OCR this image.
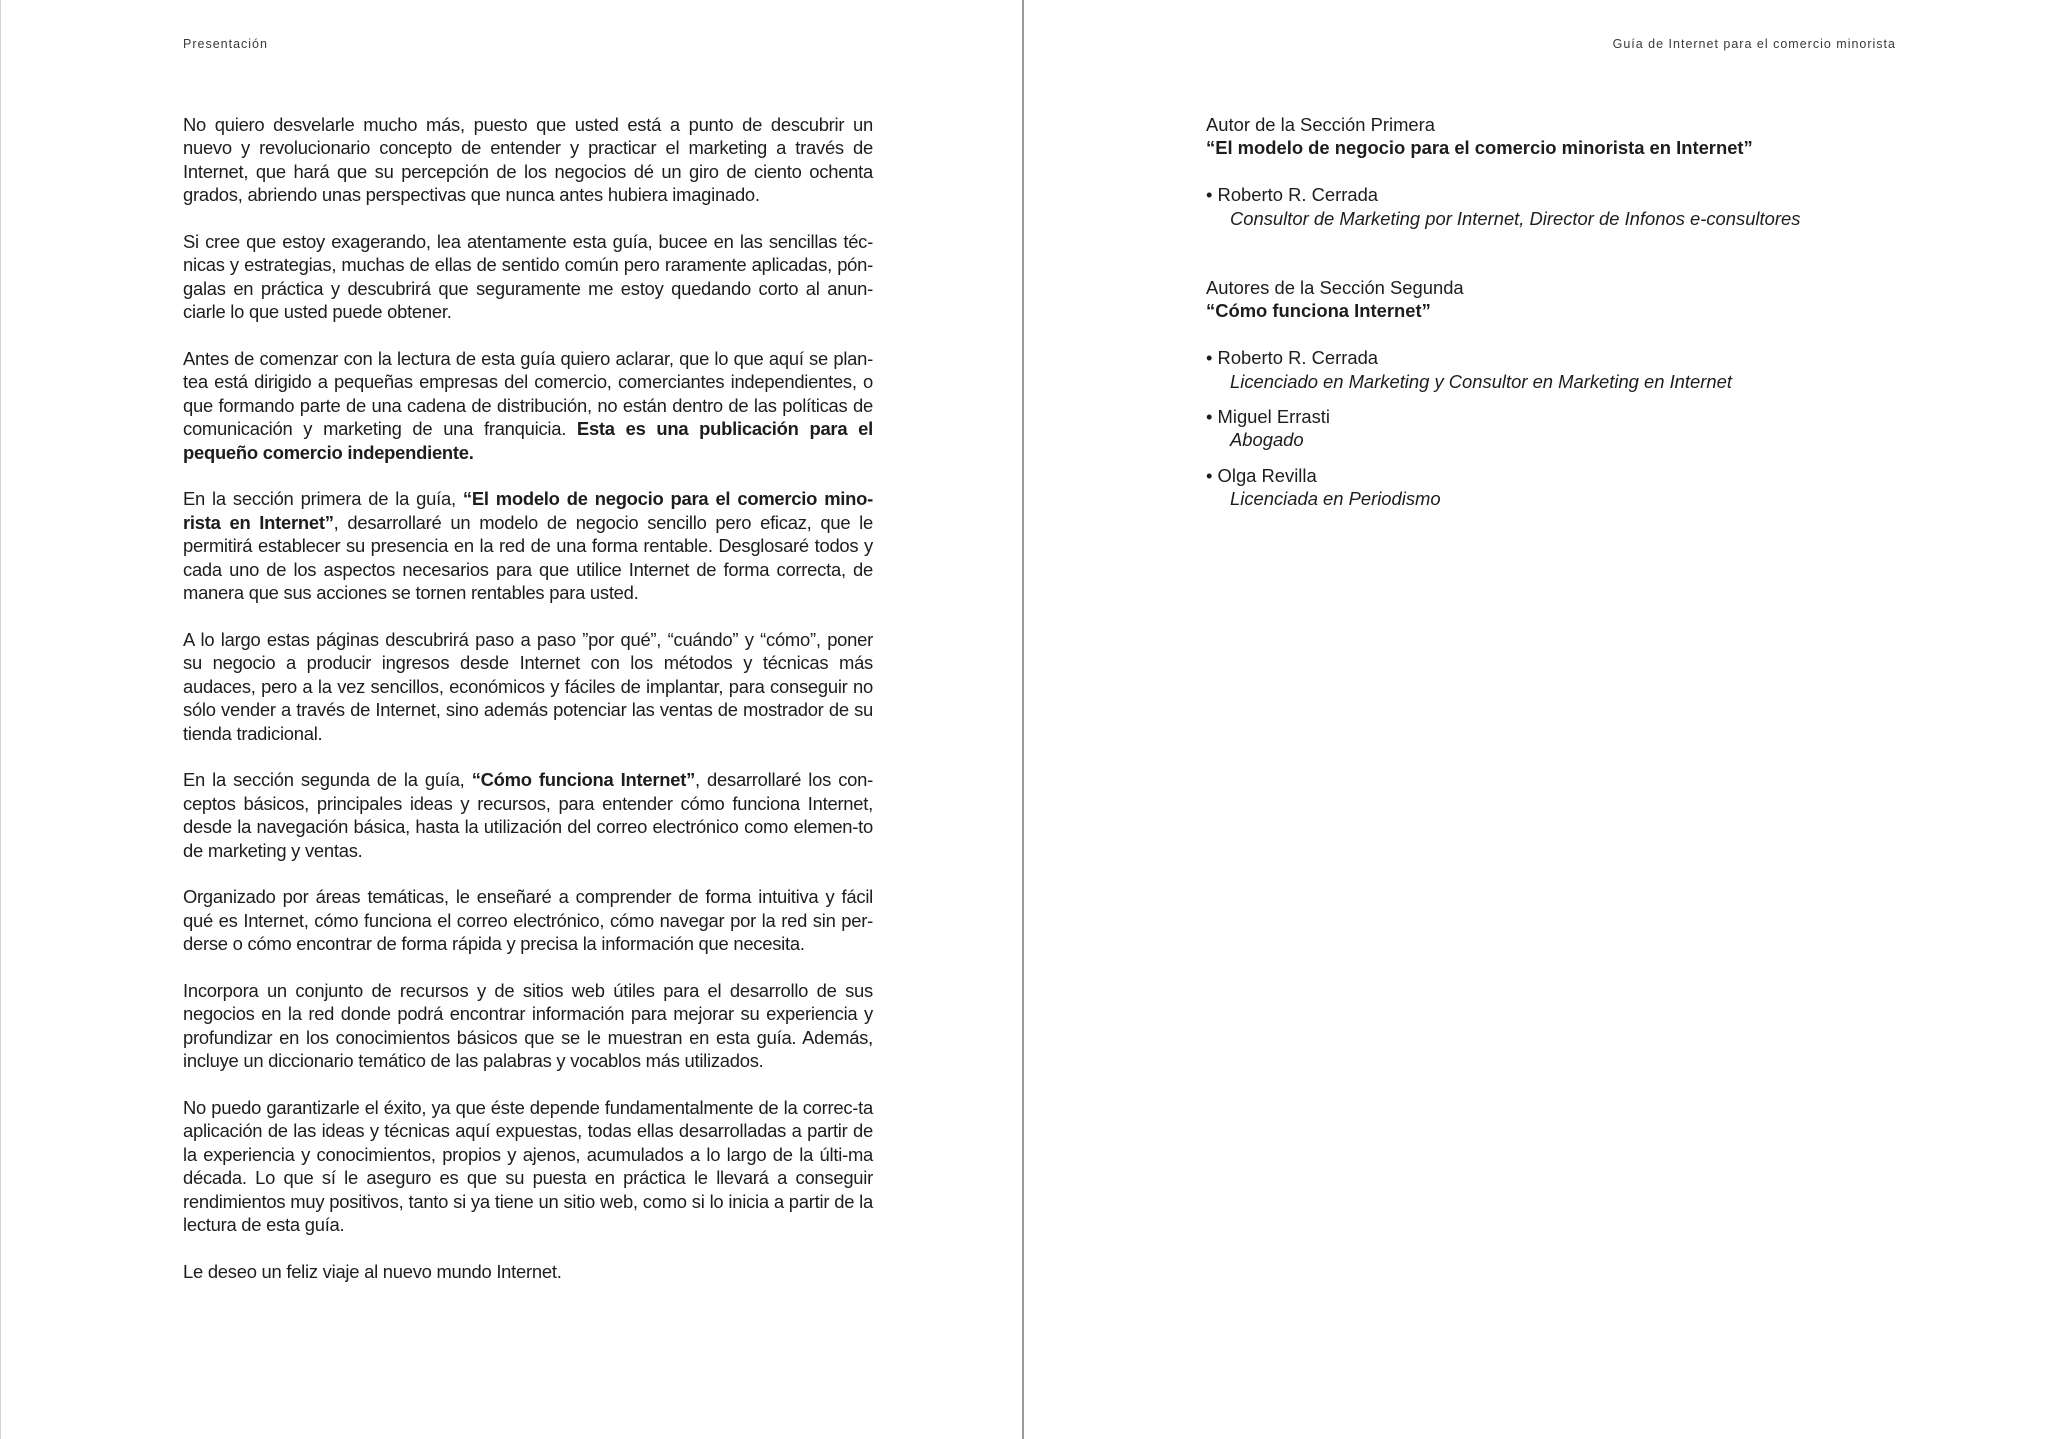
Presentación

No quiero desvelarle mucho más, puesto que usted está a punto de descubrir un nuevo y revolucionario concepto de entender y practicar el marketing a través de Internet, que hará que su percepción de los negocios dé un giro de ciento ochenta grados, abriendo unas perspectivas que nunca antes hubiera imaginado.

Si cree que estoy exagerando, lea atentamente esta guía, bucee en las sencillas téc-nicas y estrategias, muchas de ellas de sentido común pero raramente aplicadas, pón-galas en práctica y descubrirá que seguramente me estoy quedando corto al anun-ciarle lo que usted puede obtener.

Antes de comenzar con la lectura de esta guía quiero aclarar, que lo que aquí se plan-tea está dirigido a pequeñas empresas del comercio, comerciantes independientes, o que formando parte de una cadena de distribución, no están dentro de las políticas de comunicación y marketing de una franquicia. Esta es una publicación para el pequeño comercio independiente.

En la sección primera de la guía, “El modelo de negocio para el comercio mino-rista en Internet”, desarrollaré un modelo de negocio sencillo pero eficaz, que le permitirá establecer su presencia en la red de una forma rentable. Desglosaré todos y cada uno de los aspectos necesarios para que utilice Internet de forma correcta, de manera que sus acciones se tornen rentables para usted.

A lo largo estas páginas descubrirá paso a paso ”por qué”, “cuándo” y “cómo”, poner su negocio a producir ingresos desde Internet con los métodos y técnicas más audaces, pero a la vez sencillos, económicos y fáciles de implantar, para conseguir no sólo vender a través de Internet, sino además potenciar las ventas de mostrador de su tienda tradicional.

En la sección segunda de la guía, “Cómo funciona Internet”, desarrollaré los con-ceptos básicos, principales ideas y recursos, para entender cómo funciona Internet, desde la navegación básica, hasta la utilización del correo electrónico como elemen-to de marketing y ventas.

Organizado por áreas temáticas, le enseñaré a comprender de forma intuitiva y fácil qué es Internet, cómo funciona el correo electrónico, cómo navegar por la red sin per-derse o cómo encontrar de forma rápida y precisa la información que necesita.

Incorpora un conjunto de recursos y de sitios web útiles para el desarrollo de sus negocios en la red donde podrá encontrar información para mejorar su experiencia y profundizar en los conocimientos básicos que se le muestran en esta guía. Además, incluye un diccionario temático de las palabras y vocablos más utilizados.

No puedo garantizarle el éxito, ya que éste depende fundamentalmente de la correc-ta aplicación de las ideas y técnicas aquí expuestas, todas ellas desarrolladas a partir de la experiencia y conocimientos, propios y ajenos, acumulados a lo largo de la últi-ma década. Lo que sí le aseguro es que su puesta en práctica le llevará a conseguir rendimientos muy positivos, tanto si ya tiene un sitio web, como si lo inicia a partir de la lectura de esta guía.

Le deseo un feliz viaje al nuevo mundo Internet.

Guía de Internet para el comercio minorista
Autor de la Sección Primera
“El modelo de negocio para el comercio minorista en Internet”
• Roberto R. Cerrada
Consultor de Marketing por Internet, Director de Infonos e-consultores
Autores de la Sección Segunda
“Cómo funciona Internet”
• Roberto R. Cerrada
Licenciado en Marketing y Consultor en Marketing en Internet
• Miguel Errasti
Abogado
• Olga Revilla
Licenciada en Periodismo
